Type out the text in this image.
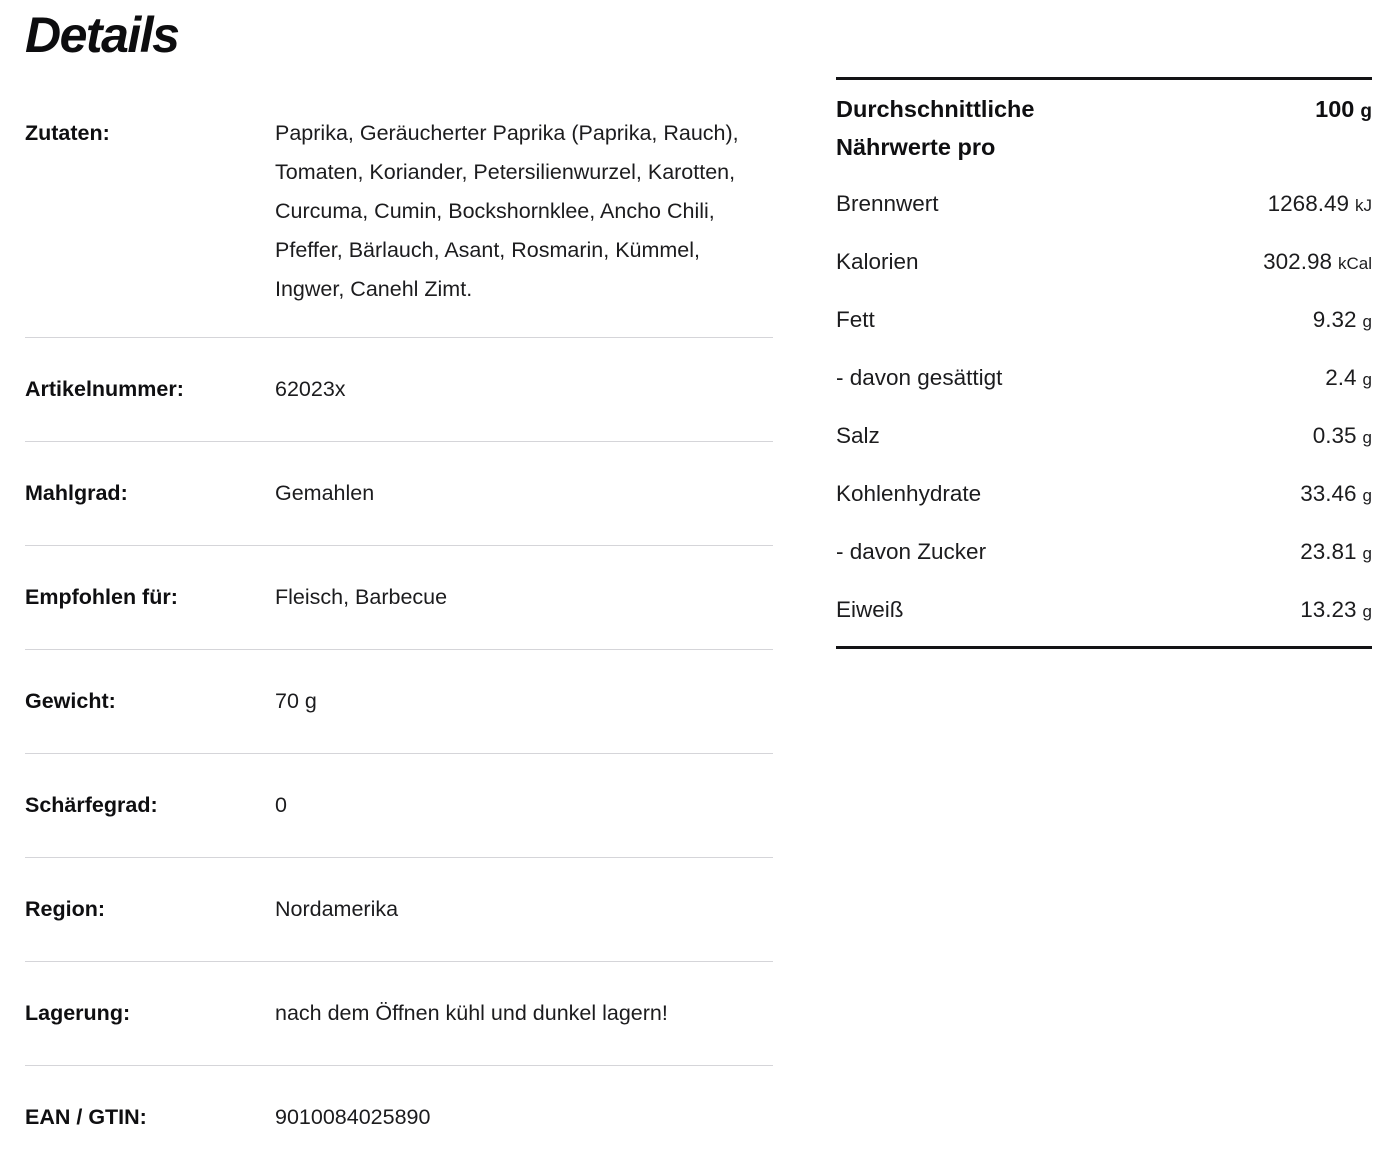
Details
Zutaten:	Paprika, Geräucherter Paprika (Paprika, Rauch), Tomaten, Koriander, Petersilienwurzel, Karotten, Curcuma, Cumin, Bockshornklee, Ancho Chili, Pfeffer, Bärlauch, Asant, Rosmarin, Kümmel, Ingwer, Canehl Zimt.
Artikelnummer:	62023x
Mahlgrad:	Gemahlen
Empfohlen für:	Fleisch, Barbecue
Gewicht:	70 g
Schärfegrad:	0
Region:	Nordamerika
Lagerung:	nach dem Öffnen kühl und dunkel lagern!
EAN / GTIN:	9010084025890
Durchschnittliche Nährwerte pro
100 g
Brennwert	1268.49 kJ
Kalorien	302.98 kCal
Fett	9.32 g
- davon gesättigt	2.4 g
Salz	0.35 g
Kohlenhydrate	33.46 g
- davon Zucker	23.81 g
Eiweiß	13.23 g
